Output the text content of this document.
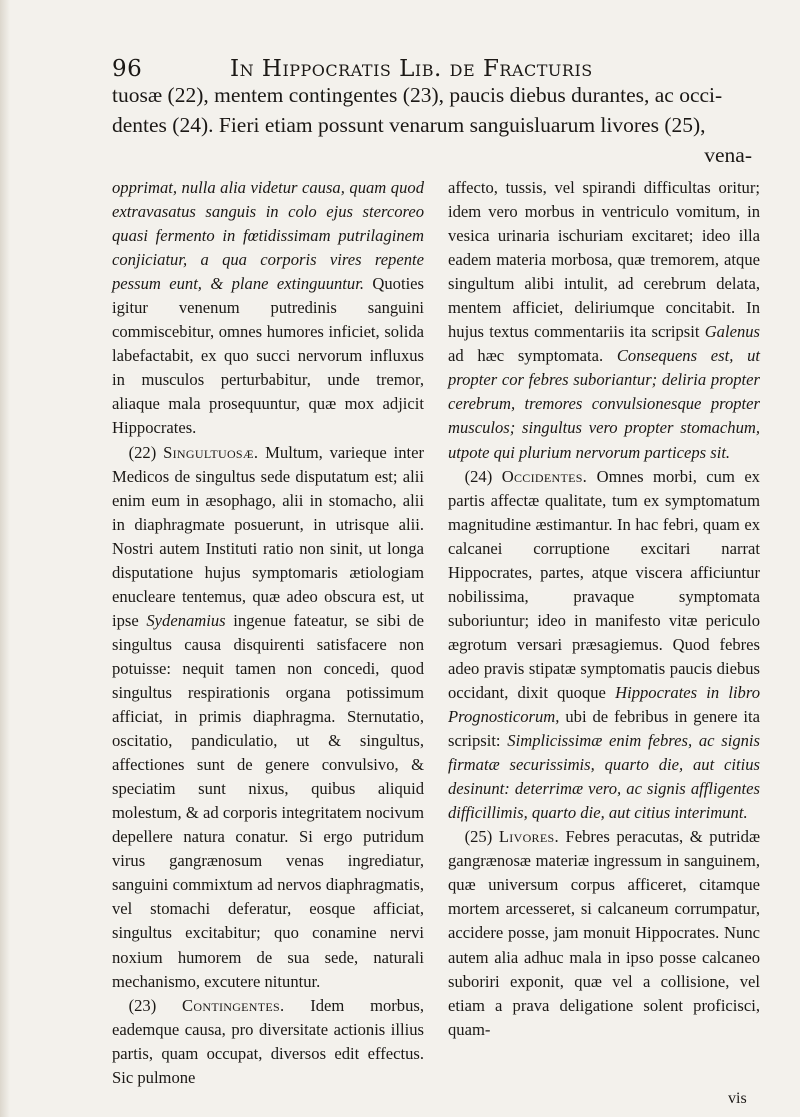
96	In Hippocratis Lib. de Fracturis
tuosæ (22), mentem contingentes (23), paucis diebus durantes, ac occi-
dentes (24). Fieri etiam possunt venarum sanguisluarum livores (25),
vena-

opprimat, nulla alia videtur causa, quam quod extravasatus sanguis in colo ejus stercoreo quasi fermento in fœtidissimam putrilaginem conjiciatur, a qua corporis vires repente pessum eunt, & plane extinguuntur. Quoties igitur venenum putredinis sanguini commiscebitur, omnes humores inficiet, solida labefactabit, ex quo succi nervorum influxus in musculos perturbabitur, unde tremor, aliaque mala prosequuntur, quæ mox adjicit Hippocrates.

 (22) Singultuosæ. Multum, varieque inter Medicos de singultus sede disputatum est; alii enim eum in æsophago, alii in stomacho, alii in diaphragmate posuerunt, in utrisque alii. Nostri autem Instituti ratio non sinit, ut longa disputatione hujus symptomaris ætiologiam enucleare tentemus, quæ adeo obscura est, ut ipse Sydenamius ingenue fateatur, se sibi de singultus causa disquirenti satisfacere non potuisse: nequit tamen non concedi, quod singultus respirationis organa potissimum afficiat, in primis diaphragma. Sternutatio, oscitatio, pandiculatio, ut & singultus, affectiones sunt de genere convulsivo, & speciatim sunt nixus, quibus aliquid molestum, & ad corporis integritatem nocivum depellere natura conatur. Si ergo putridum virus gangrænosum venas ingrediatur, sanguini commixtum ad nervos diaphragmatis, vel stomachi deferatur, eosque afficiat, singultus excitabitur; quo conamine nervi noxium humorem de sua sede, naturali mechanismo, excutere nituntur.

 (23) Contingentes. Idem morbus, eademque causa, pro diversitate actionis illius partis, quam occupat, diversos edit effectus. Sic pulmone

affecto, tussis, vel spirandi difficultas oritur; idem vero morbus in ventriculo vomitum, in vesica urinaria ischuriam excitaret; ideo illa eadem materia morbosa, quæ tremorem, atque singultum alibi intulit, ad cerebrum delata, mentem afficiet, deliriumque concitabit. In hujus textus commentariis ita scripsit Galenus ad hæc symptomata. Consequens est, ut propter cor febres suboriantur; deliria propter cerebrum, tremores convulsionesque propter musculos; singultus vero propter stomachum, utpote qui plurium nervorum particeps sit.

 (24) Occidentes. Omnes morbi, cum ex partis affectæ qualitate, tum ex symptomatum magnitudine æstimantur. In hac febri, quam ex calcanei corruptione excitari narrat Hippocrates, partes, atque viscera afficiuntur nobilissima, pravaque symptomata suboriuntur; ideo in manifesto vitæ periculo ægrotum versari præsagiemus. Quod febres adeo pravis stipatæ symptomatis paucis diebus occidant, dixit quoque Hippocrates in libro Prognosticorum, ubi de febribus in genere ita scripsit: Simplicissimæ enim febres, ac signis firmatæ securissimis, quarto die, aut citius desinunt: deterrimæ vero, ac signis affligentes difficillimis, quarto die, aut citius interimunt.

 (25) Livores. Febres peracutas, & putridæ gangrænosæ materiæ ingressum in sanguinem, quæ universum corpus afficeret, citamque mortem arcesseret, si calcaneum corrumpatur, accidere posse, jam monuit Hippocrates. Nunc autem alia adhuc mala in ipso posse calcaneo suboriri exponit, quæ vel a collisione, vel etiam a prava deligatione solent proficisci, quam-

vis
